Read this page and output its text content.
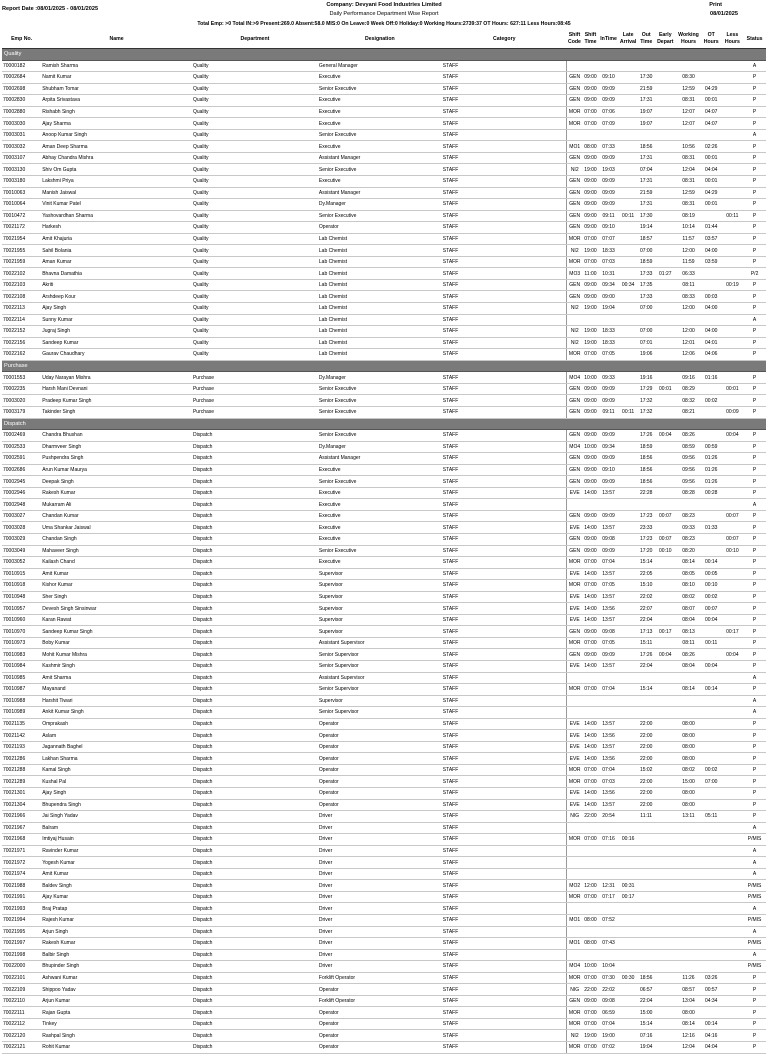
Report Date :08/01/2025 - 08/01/2025
Company: Devyani Food Industries Limited
Daily Performance Department Wise Report
Total Emp: >0 Total IN:>9 Present:269.0 Absent:58.0 MIS:0 On Leave:0 Week Off:0 Holiday:0 Working Hours:2739:37 OT Hours: 627:11 Less Hours:08:45
Print
08/01/2025
Emp No.	Name	Department	Designation	Category	Shift Code	Shift Time	InTime	Late Arrival	Out Time	Early Depart	Working Hours	OT Hours	Less Hours	Status
Quality														
70000182	Ramish Sharma	Quality	General Manager	STAFF										A
70002684	Namit Kumar	Quality	Executive	STAFF	GEN	09:00	09:10		17:30		08:30			P
70002698	Shubham Tomar	Quality	Senior Executive	STAFF	GEN	09:00	09:09		21:59		12:59	04:29		P
70002830	Arpita Srivastava	Quality	Executive	STAFF	GEN	09:00	09:09		17:31		08:31	00:01		P
70002880	Rishabh Singh	Quality	Executive	STAFF	MOR	07:00	07:06		19:07		12:07	04:07		P
70003030	Ajay Sharma	Quality	Executive	STAFF	MOR	07:00	07:09		19:07		12:07	04:07		P
70003031	Anoop Kumar Singh	Quality	Senior Executive	STAFF										A
70003032	Aman Deep Sharma	Quality	Executive	STAFF	MO1	08:00	07:33		18:56		10:56	02:26		P
70003107	Abhay Chandra Mishra	Quality	Assistant Manager	STAFF	GEN	09:00	09:09		17:31		08:31	00:01		P
70003130	Shiv Om Gupta	Quality	Senior Executive	STAFF	NI2	19:00	19:03		07:04		12:04	04:04		P
70003180	Lakshmi Priya	Quality	Executive	STAFF	GEN	09:00	09:09		17:31		08:31	00:01		P
70010063	Manish Jaiswal	Quality	Assistant Manager	STAFF	GEN	09:00	09:09		21:59		12:59	04:29		P
70010064	Vinit Kumar Patel	Quality	Dy.Manager	STAFF	GEN	09:00	09:09		17:31		08:31	00:01		P
70010472	Yashovardhan Sharma	Quality	Senior Executive	STAFF	GEN	09:00	09:11	00:11	17:30		08:19		00:11	P
70021172	Harkesh	Quality	Operator	STAFF	GEN	09:00	09:10		19:14		10:14	01:44		P
70021954	Amit Khajuria	Quality	Lab Chemist	STAFF	MOR	07:00	07:07		18:57		11:57	03:57		P
70021955	Sahil Bolania	Quality	Lab Chemist	STAFF	NI2	19:00	18:33		07:00		12:00	04:00		P
70021959	Aman Kumar	Quality	Lab Chemist	STAFF	MOR	07:00	07:03		18:59		11:59	03:59		P
70022102	Bhavna Damathia	Quality	Lab Chemist	STAFF	MO3	11:00	10:31		17:33	01:27	06:33			P/2
70022103	Akriti	Quality	Lab Chemist	STAFF	GEN	09:00	09:34	00:34	17:35		08:11		00:19	P
70022108	Arshdeep Kour	Quality	Lab Chemist	STAFF	GEN	09:00	09:00		17:33		08:33	00:03		P
70022113	Ajay Singh	Quality	Lab Chemist	STAFF	NI2	19:00	19:04		07:00		12:00	04:00		P
70022114	Sunny Kumar	Quality	Lab Chemist	STAFF										A
70022152	Jugraj Singh	Quality	Lab Chemist	STAFF	NI2	19:00	18:33		07:00		12:00	04:00		P
70022156	Sandeep Kumar	Quality	Lab Chemist	STAFF	NI2	19:00	18:33		07:01		12:01	04:01		P
70022162	Gaurav Chaudhary	Quality	Lab Chemist	STAFF	MOR	07:00	07:05		19:06		12:06	04:06		P
Purchase														
70001553	Uday Narayan Mishra	Purchase	Dy.Manager	STAFF	MO4	10:00	09:33		19:16		09:16	01:16		P
70002235	Harsh Mani Devnani	Purchase	Senior Executive	STAFF	GEN	09:00	09:09		17:29	00:01	08:29		00:01	P
70003020	Pradeep Kumar Singh	Purchase	Senior Executive	STAFF	GEN	09:00	09:09		17:32		08:32	00:02		P
70003179	Takinder Singh	Purchase	Senior Executive	STAFF	GEN	09:00	09:11	00:11	17:32		08:21		00:09	P
Dispatch														
70002469	Chandra Bhushan	Dispatch	Senior Executive	STAFF	GEN	09:00	09:09		17:26	00:04	08:26		00:04	P
70002533	Dharmveer Singh	Dispatch	Dy.Manager	STAFF	MO4	10:00	09:34		18:59		08:59	00:59		P
70002591	Pushpendra Singh	Dispatch	Assistant Manager	STAFF	GEN	09:00	09:09		18:56		09:56	01:26		P
70002686	Arun Kumar Maurya	Dispatch	Executive	STAFF	GEN	09:00	09:10		18:56		09:56	01:26		P
70002945	Deepak Singh	Dispatch	Senior Executive	STAFF	GEN	09:00	09:09		18:56		09:56	01:26		P
70002946	Rakesh Kumar	Dispatch	Executive	STAFF	EVE	14:00	13:57		22:28		08:28	00:28		P
70002948	Mukarram Ali	Dispatch	Executive	STAFF										A
70003027	Chandan Kumar	Dispatch	Executive	STAFF	GEN	09:00	09:09		17:23	00:07	08:23		00:07	P
70003028	Uma Shankar Jaiswal	Dispatch	Executive	STAFF	EVE	14:00	13:57		23:33		09:33	01:33		P
70003029	Chandan Singh	Dispatch	Executive	STAFF	GEN	09:00	09:08		17:23	00:07	08:23		00:07	P
70003049	Mahaveer Singh	Dispatch	Senior Executive	STAFF	GEN	09:00	09:09		17:20	00:10	08:20		00:10	P
70003052	Kailash Chand	Dispatch	Executive	STAFF	MOR	07:00	07:04		15:14		08:14	00:14		P
70010915	Amit Kumar	Dispatch	Supervisor	STAFF	EVE	14:00	13:57		22:05		08:05	00:05		P
70010918	Kishor Kumar	Dispatch	Supervisor	STAFF	MOR	07:00	07:05		15:10		08:10	00:10		P
70010948	Sher Singh	Dispatch	Supervisor	STAFF	EVE	14:00	13:57		22:02		08:02	00:02		P
70010957	Devesh Singh Sinsinwar	Dispatch	Supervisor	STAFF	EVE	14:00	13:56		22:07		08:07	00:07		P
70010960	Karan Rawat	Dispatch	Supervisor	STAFF	EVE	14:00	13:57		22:04		08:04	00:04		P
70010970	Sandeep Kumar Singh	Dispatch	Supervisor	STAFF	GEN	09:00	09:08		17:13	00:17	08:13		00:17	P
70010973	Boby Kumar	Dispatch	Assistant Supervisor	STAFF	MOR	07:00	07:05		15:11		08:11	00:11		P
70010983	Mohit Kumar Mishra	Dispatch	Senior Supervisor	STAFF	GEN	09:00	09:09		17:26	00:04	08:26		00:04	P
70010984	Kashmir Singh	Dispatch	Senior Supervisor	STAFF	EVE	14:00	13:57		22:04		08:04	00:04		P
70010985	Amit Sharma	Dispatch	Assistant Supervisor	STAFF										A
70010987	Mayanand	Dispatch	Senior Supervisor	STAFF	MOR	07:00	07:04		15:14		08:14	00:14		P
70010988	Harshit Tiwari	Dispatch	Supervisor	STAFF										A
70010989	Ankit Kumar Singh	Dispatch	Senior Supervisor	STAFF										A
70021135	Omprakash	Dispatch	Operator	STAFF	EVE	14:00	13:57		22:00		08:00			P
70021142	Aslam	Dispatch	Operator	STAFF	EVE	14:00	13:56		22:00		08:00			P
70021193	Jagannath Baghel	Dispatch	Operator	STAFF	EVE	14:00	13:57		22:00		08:00			P
70021286	Lakhan Sharma	Dispatch	Operator	STAFF	EVE	14:00	13:56		22:00		08:00			P
70021288	Kamal Singh	Dispatch	Operator	STAFF	MOR	07:00	07:04		15:02		08:02	00:02		P
70021289	Kushal Pal	Dispatch	Operator	STAFF	MOR	07:00	07:03		22:00		15:00	07:00		P
70021301	Ajay Singh	Dispatch	Operator	STAFF	EVE	14:00	13:56		22:00		08:00			P
70021304	Bhupendra Singh	Dispatch	Operator	STAFF	EVE	14:00	13:57		22:00		08:00			P
70021966	Jai Singh Yadav	Dispatch	Driver	STAFF	NIG	22:00	20:54		11:11		13:11	05:11		P
70021967	Balram	Dispatch	Driver	STAFF										A
70021968	Imtiyaj Husain	Dispatch	Driver	STAFF	MOR	07:00	07:16	00:16						P/MIS
70021971	Ravinder Kumar	Dispatch	Driver	STAFF										A
70021972	Yogesh Kumar	Dispatch	Driver	STAFF										A
70021974	Amit Kumar	Dispatch	Driver	STAFF										A
70021988	Baldev Singh	Dispatch	Driver	STAFF	MO2	12:00	12:31	00:31						P/MIS
70021991	Ajay Kumar	Dispatch	Driver	STAFF	MOR	07:00	07:17	00:17						P/MIS
70021993	Braj Pratap	Dispatch	Driver	STAFF										A
70021994	Rajesh Kumar	Dispatch	Driver	STAFF	MO1	08:00	07:52							P/MIS
70021995	Arjun Singh	Dispatch	Driver	STAFF										A
70021997	Rakesh Kumar	Dispatch	Driver	STAFF	MO1	08:00	07:43							P/MIS
70021998	Balbir Singh	Dispatch	Driver	STAFF										A
70022000	Bhupinder Singh	Dispatch	Driver	STAFF	MO4	10:00	10:04							P/MIS
70022101	Ashwani Kumar	Dispatch	Forklift Operator	STAFF	MOR	07:00	07:30	00:30	18:56		11:26	03:26		P
70022109	Shippoo Yadav	Dispatch	Operator	STAFF	NIG	22:00	22:02		06:57		08:57	00:57		P
70022110	Arjun Kumar	Dispatch	Forklift Operator	STAFF	GEN	09:00	09:08		22:04		13:04	04:34		P
70022111	Rajan Gupta	Dispatch	Operator	STAFF	MOR	07:00	06:59		15:00		08:00			P
70022112	Tinkey	Dispatch	Operator	STAFF	MOR	07:00	07:04		15:14		08:14	00:14		P
70022120	Rashpal Singh	Dispatch	Operator	STAFF	NI2	19:00	19:00		07:16		12:16	04:16		P
70022121	Rohit Kumar	Dispatch	Operator	STAFF	MOR	07:00	07:02		19:04		12:04	04:04		P
